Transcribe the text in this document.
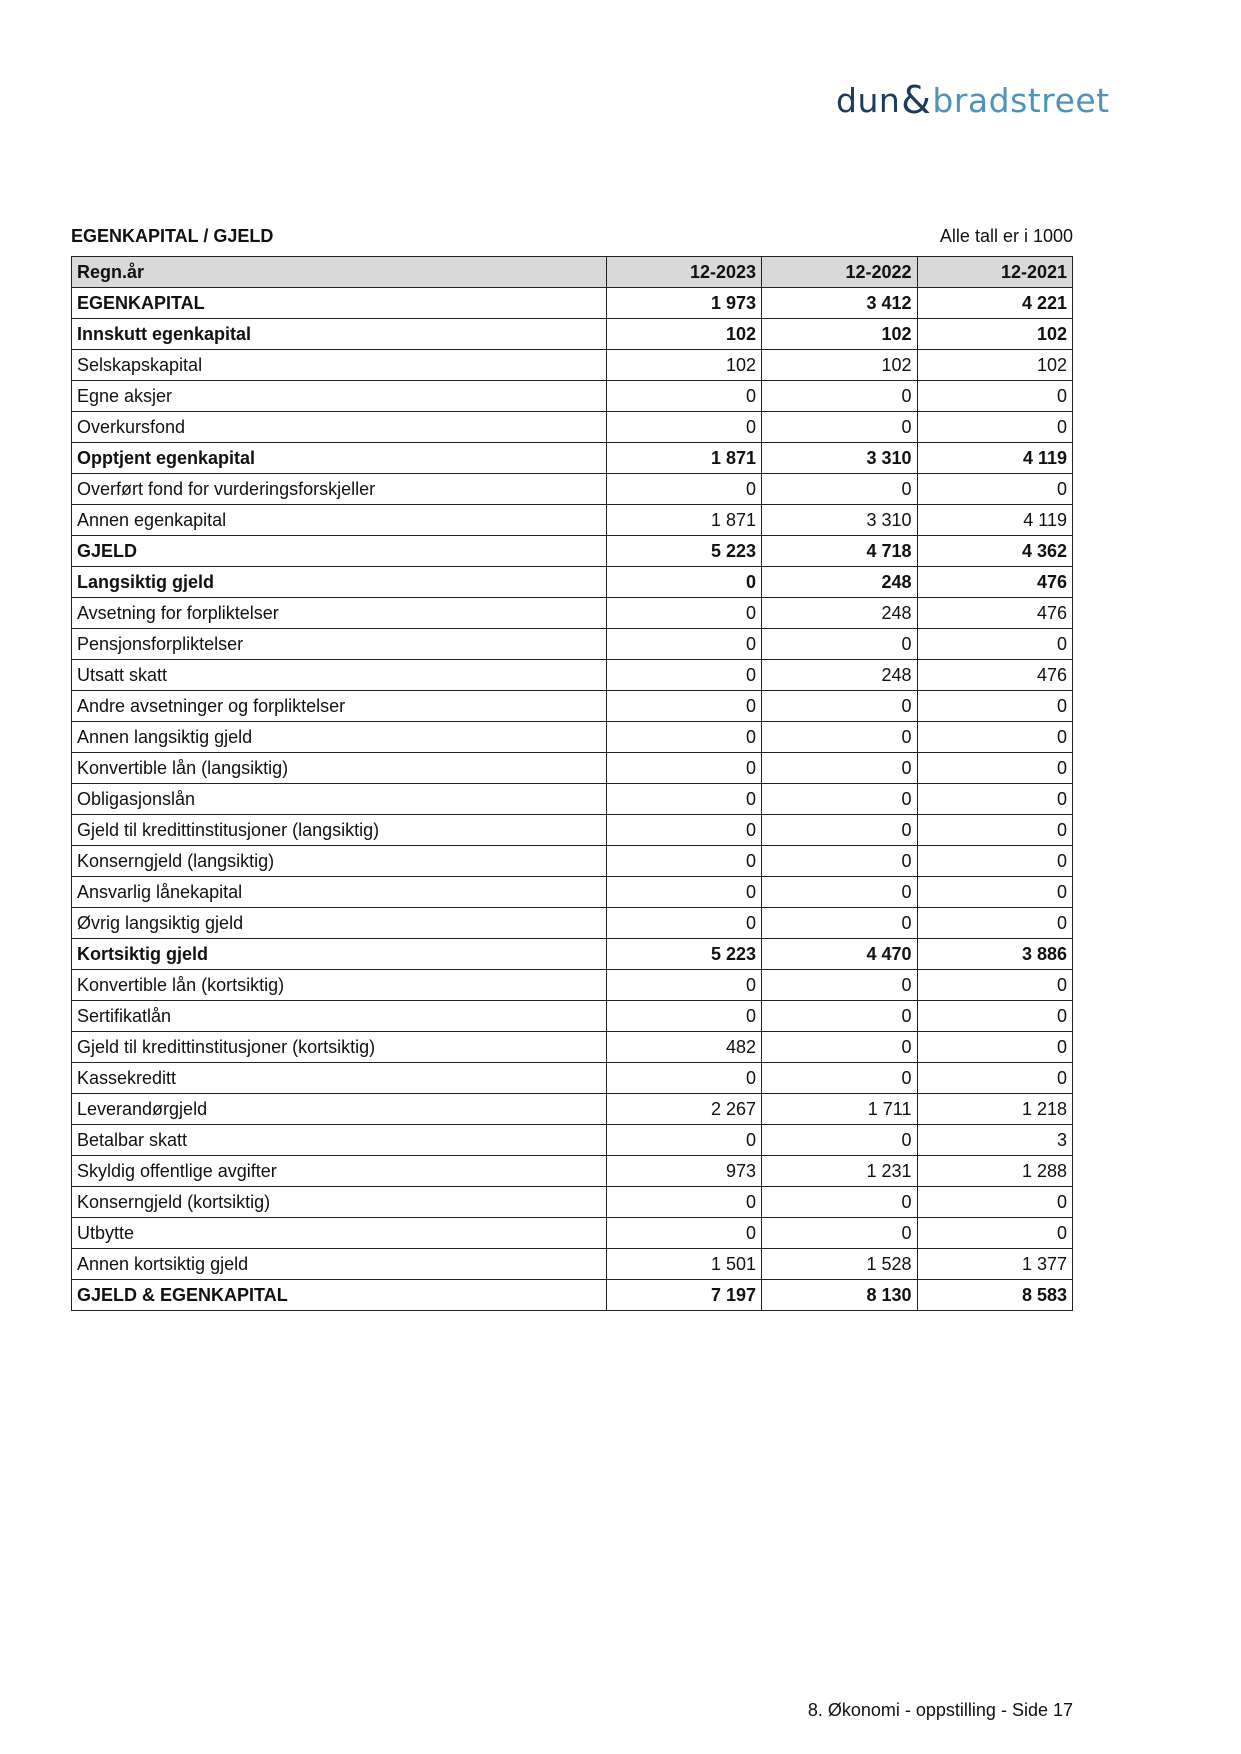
dun & bradstreet
EGENKAPITAL / GJELD	Alle tall er i 1000
Regn.år	12-2023	12-2022	12-2021
EGENKAPITAL	1 973	3 412	4 221
Innskutt egenkapital	102	102	102
Selskapskapital	102	102	102
Egne aksjer	0	0	0
Overkursfond	0	0	0
Opptjent egenkapital	1 871	3 310	4 119
Overført fond for vurderingsforskjeller	0	0	0
Annen egenkapital	1 871	3 310	4 119
GJELD	5 223	4 718	4 362
Langsiktig gjeld	0	248	476
Avsetning for forpliktelser	0	248	476
Pensjonsforpliktelser	0	0	0
Utsatt skatt	0	248	476
Andre avsetninger og forpliktelser	0	0	0
Annen langsiktig gjeld	0	0	0
Konvertible lån (langsiktig)	0	0	0
Obligasjonslån	0	0	0
Gjeld til kredittinstitusjoner (langsiktig)	0	0	0
Konserngjeld (langsiktig)	0	0	0
Ansvarlig lånekapital	0	0	0
Øvrig langsiktig gjeld	0	0	0
Kortsiktig gjeld	5 223	4 470	3 886
Konvertible lån (kortsiktig)	0	0	0
Sertifikatlån	0	0	0
Gjeld til kredittinstitusjoner (kortsiktig)	482	0	0
Kassekreditt	0	0	0
Leverandørgjeld	2 267	1 711	1 218
Betalbar skatt	0	0	3
Skyldig offentlige avgifter	973	1 231	1 288
Konserngjeld (kortsiktig)	0	0	0
Utbytte	0	0	0
Annen kortsiktig gjeld	1 501	1 528	1 377
GJELD & EGENKAPITAL	7 197	8 130	8 583
8. Økonomi - oppstilling - Side 17
